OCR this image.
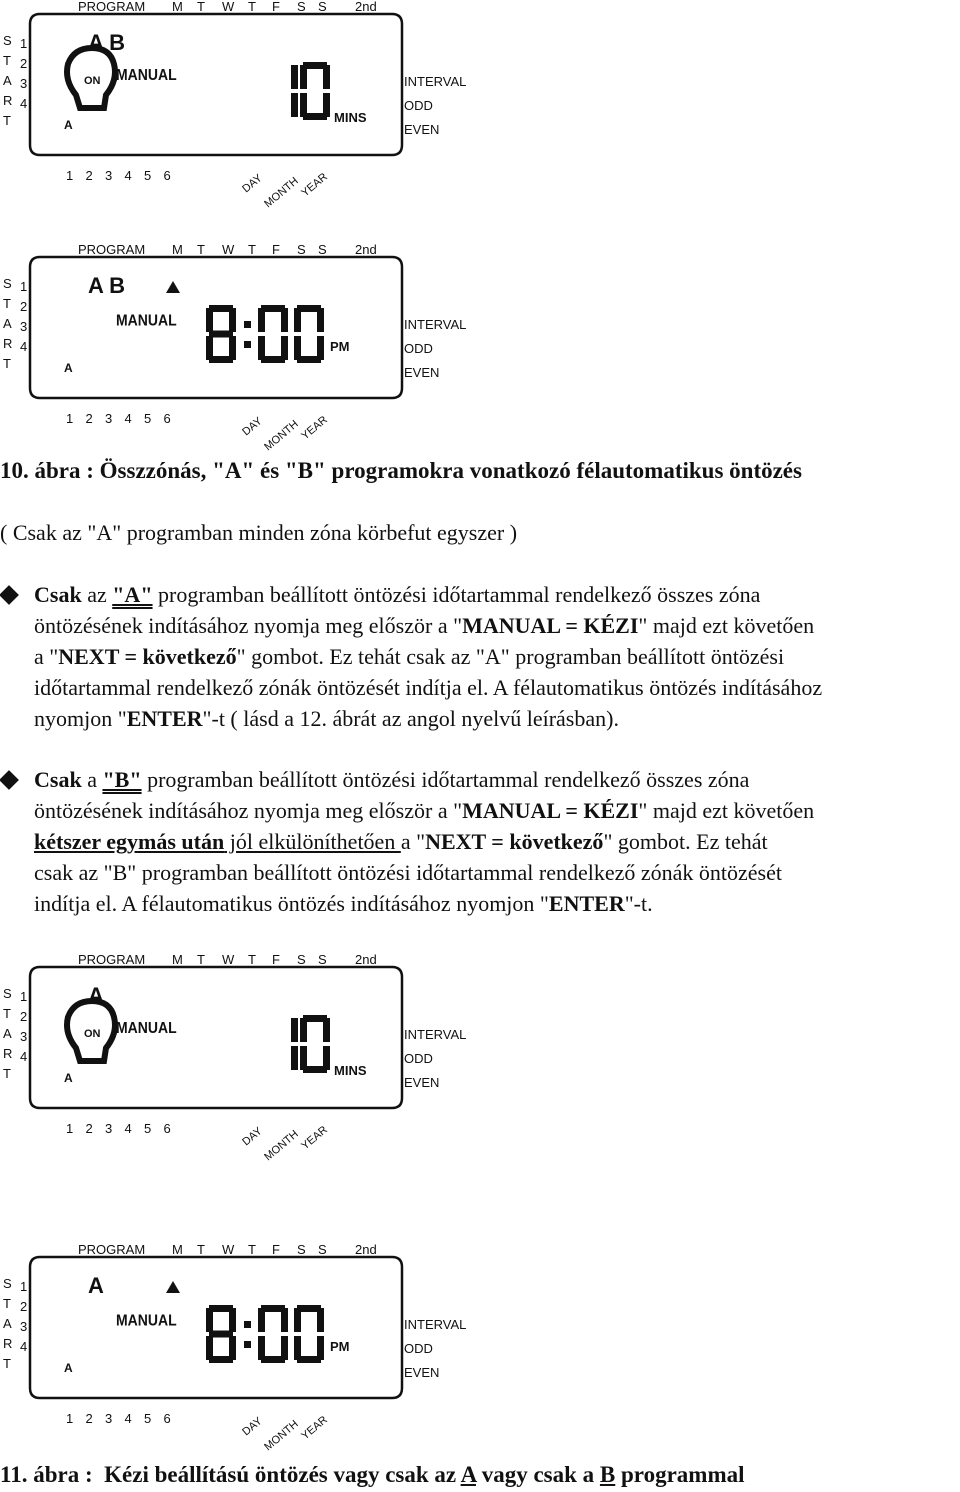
PROGRAM M T W T F S S 2nd
S
T
A
R
T
1
2
3
4
A B
ON MANUAL
A	MINS
INTERVAL
ODD
EVEN
1 2 3 4 5 6	DAY
MONTH
YEAR
PROGRAM M T W T F S S 2nd
S
T
A
R
T
1
2
3
4
A B
MANUAL
A
PM
INTERVAL
ODD
EVEN
1 2 3 4 5 6	DAY
MONTH
YEAR
PROGRAM M T W T F S S 2nd
S
T
A
R
T
1
2
3
4
A
ON MANUAL
A	MINS
INTERVAL
ODD
EVEN
1 2 3 4 5 6	DAY
MONTH
YEAR
PROGRAM M T W T F S S 2nd
S
T
A
R
T
1
2
3
4
A
MANUAL
A
PM
INTERVAL
ODD
EVEN
1 2 3 4 5 6	DAY
MONTH
YEAR
10. ábra : Összzónás, "A" és "B" programokra vonatkozó félautomatikus öntözés
( Csak az "A" programban minden zóna körbefut egyszer )
Csak az "A" programban beállított öntözési időtartammal rendelkező összes zóna
öntözésének indításához nyomja meg először a "MANUAL = KÉZI" majd ezt követően
a "NEXT = következő" gombot. Ez tehát csak az "A" programban beállított öntözési
időtartammal rendelkező zónák öntözését indítja el. A félautomatikus öntözés indításához
nyomjon "ENTER"-t ( lásd a 12. ábrát az angol nyelvű leírásban).
Csak a "B" programban beállított öntözési időtartammal rendelkező összes zóna
öntözésének indításához nyomja meg először a "MANUAL = KÉZI" majd ezt követően
kétszer egymás után jól elkülöníthetően a "NEXT = következő" gombot. Ez tehát
csak az "B" programban beállított öntözési időtartammal rendelkező zónák öntözését
indítja el. A félautomatikus öntözés indításához nyomjon "ENTER"-t.
11. ábra : Kézi beállítású öntözés vagy csak az A vagy csak a B programmal
